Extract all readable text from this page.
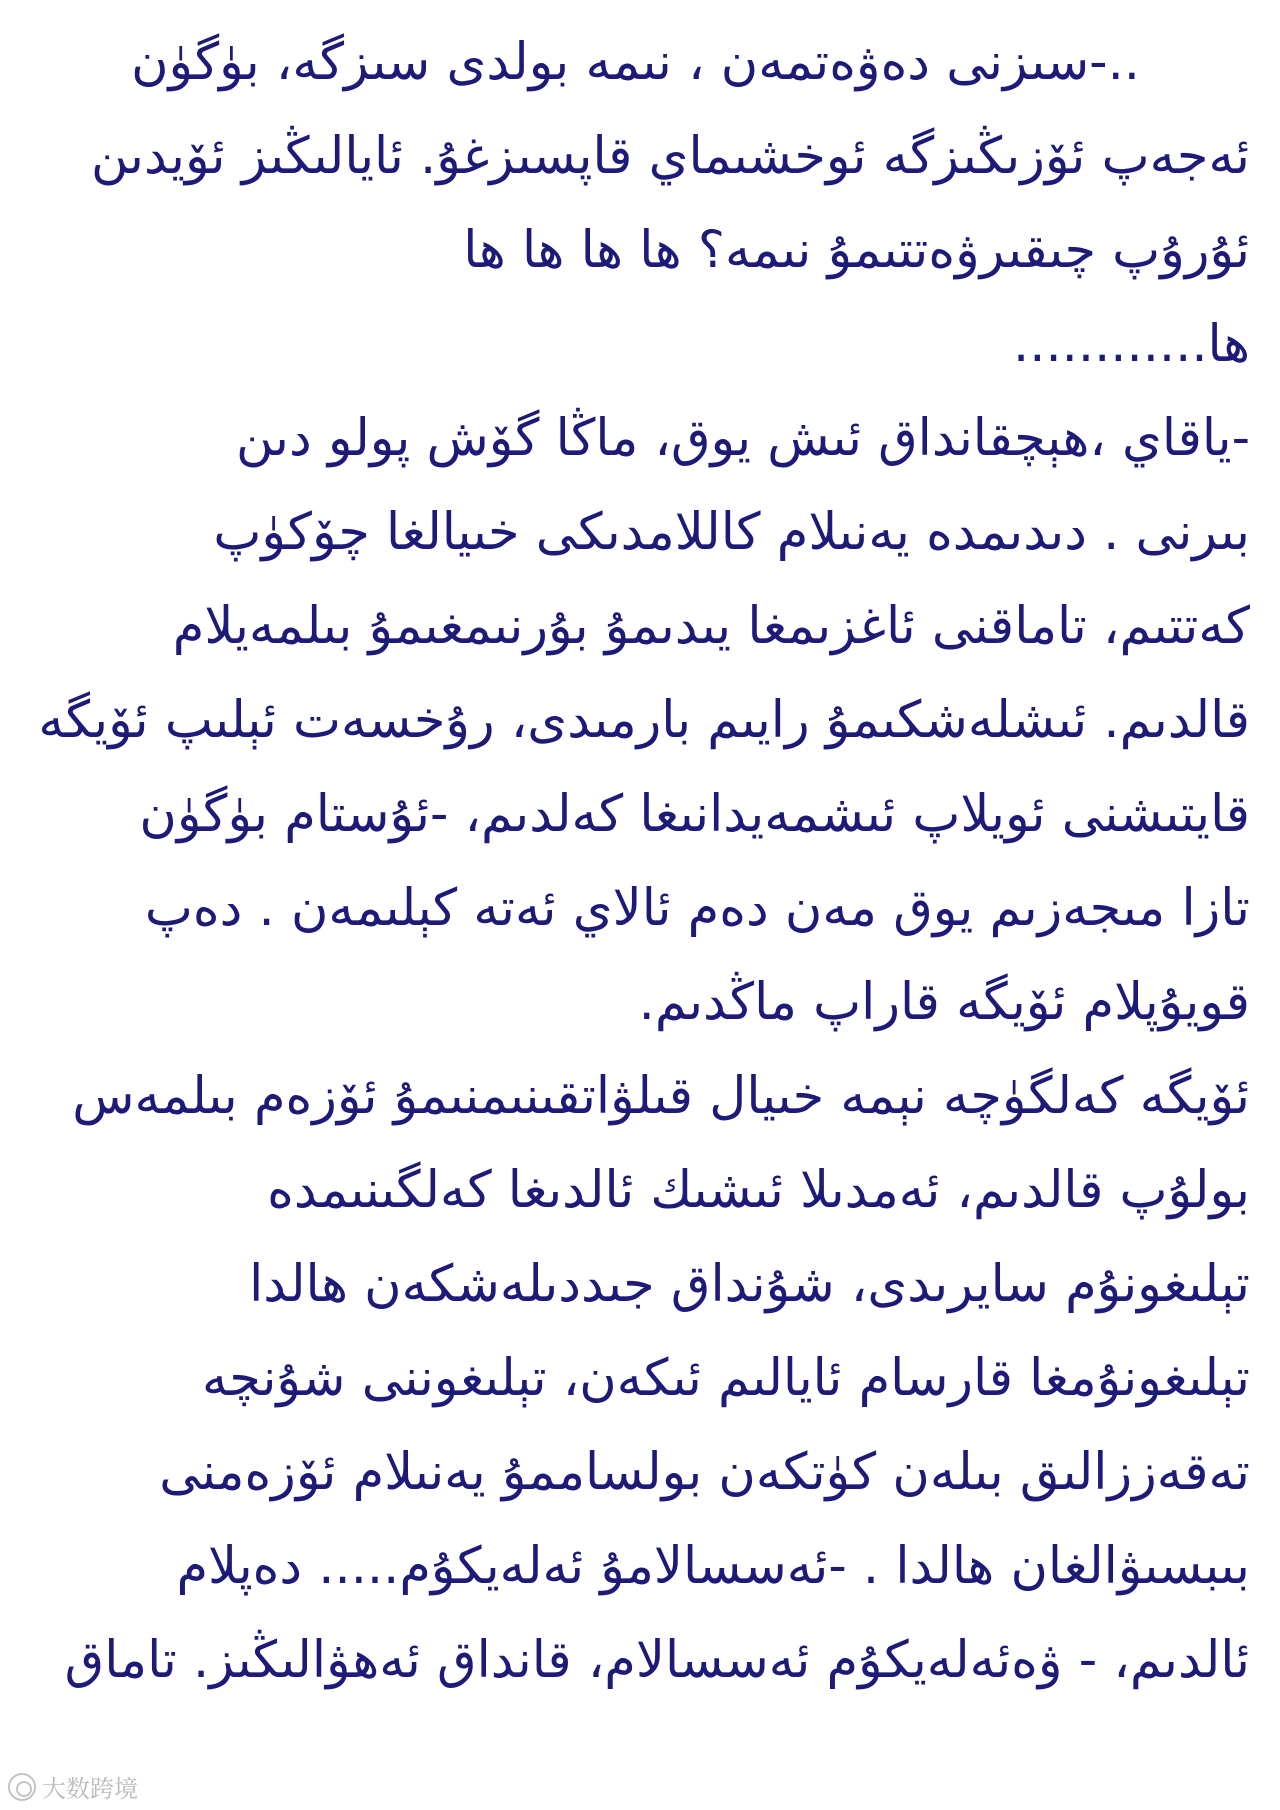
..-سىزنى دەۋەتمەن ، نىمە بولدى سىزگە، بۈگۈن
ئەجەپ ئۆزىڭىزگە ئوخشىماي قاپسىزغۇ. ئايالىڭىز ئۆيدىن
ئۇرۇپ چىقىرۋەتتىمۇ نىمە؟ ھا ھا ھا ھا
ھا............
-ياقاي ،ھېچقانداق ئىش يوق، ماڭا گۆش پولو دىن
بىرنى . دىدىمدە يەنىلام كاللامدىكى خىيالغا چۆكۈپ
كەتتىم، تاماقنى ئاغزىمغا يىدىمۇ بۇرنىمغىمۇ بىلمەيلام
قالدىم. ئىشلەشكىمۇ رايىم بارمىدى، رۇخسەت ئېلىپ ئۆيگە
قايتىشنى ئويلاپ ئىشمەيدانىغا كەلدىم، -ئۇستام بۈگۈن
تازا مىجەزىم يوق مەن دەم ئالاي ئەتە كېلىمەن . دەپ
قويۇپلام ئۆيگە قاراپ ماڭدىم.
ئۆيگە كەلگۈچە نېمە خىيال قىلۋاتقىنىمنىمۇ ئۆزەم بىلمەس
بولۇپ قالدىم، ئەمدىلا ئىشىك ئالدىغا كەلگىنىمدە
تېلىغونۇم سايرىدى، شۇنداق جىددىلەشكەن ھالدا
تېلىغونۇمغا قارسام ئايالىم ئىكەن، تېلىغوننى شۇنچە
تەقەززالىق بىلەن كۈتكەن بولساممۇ يەنىلام ئۆزەمنى
بىبسىۋالغان ھالدا . -ئەسسالامۇ ئەلەيكۇم..... دەپلام
ئالدىم، - ۋەئەلەيكۇم ئەسسالام، قانداق ئەھۋالىڭىز. تاماق
大数跨境
